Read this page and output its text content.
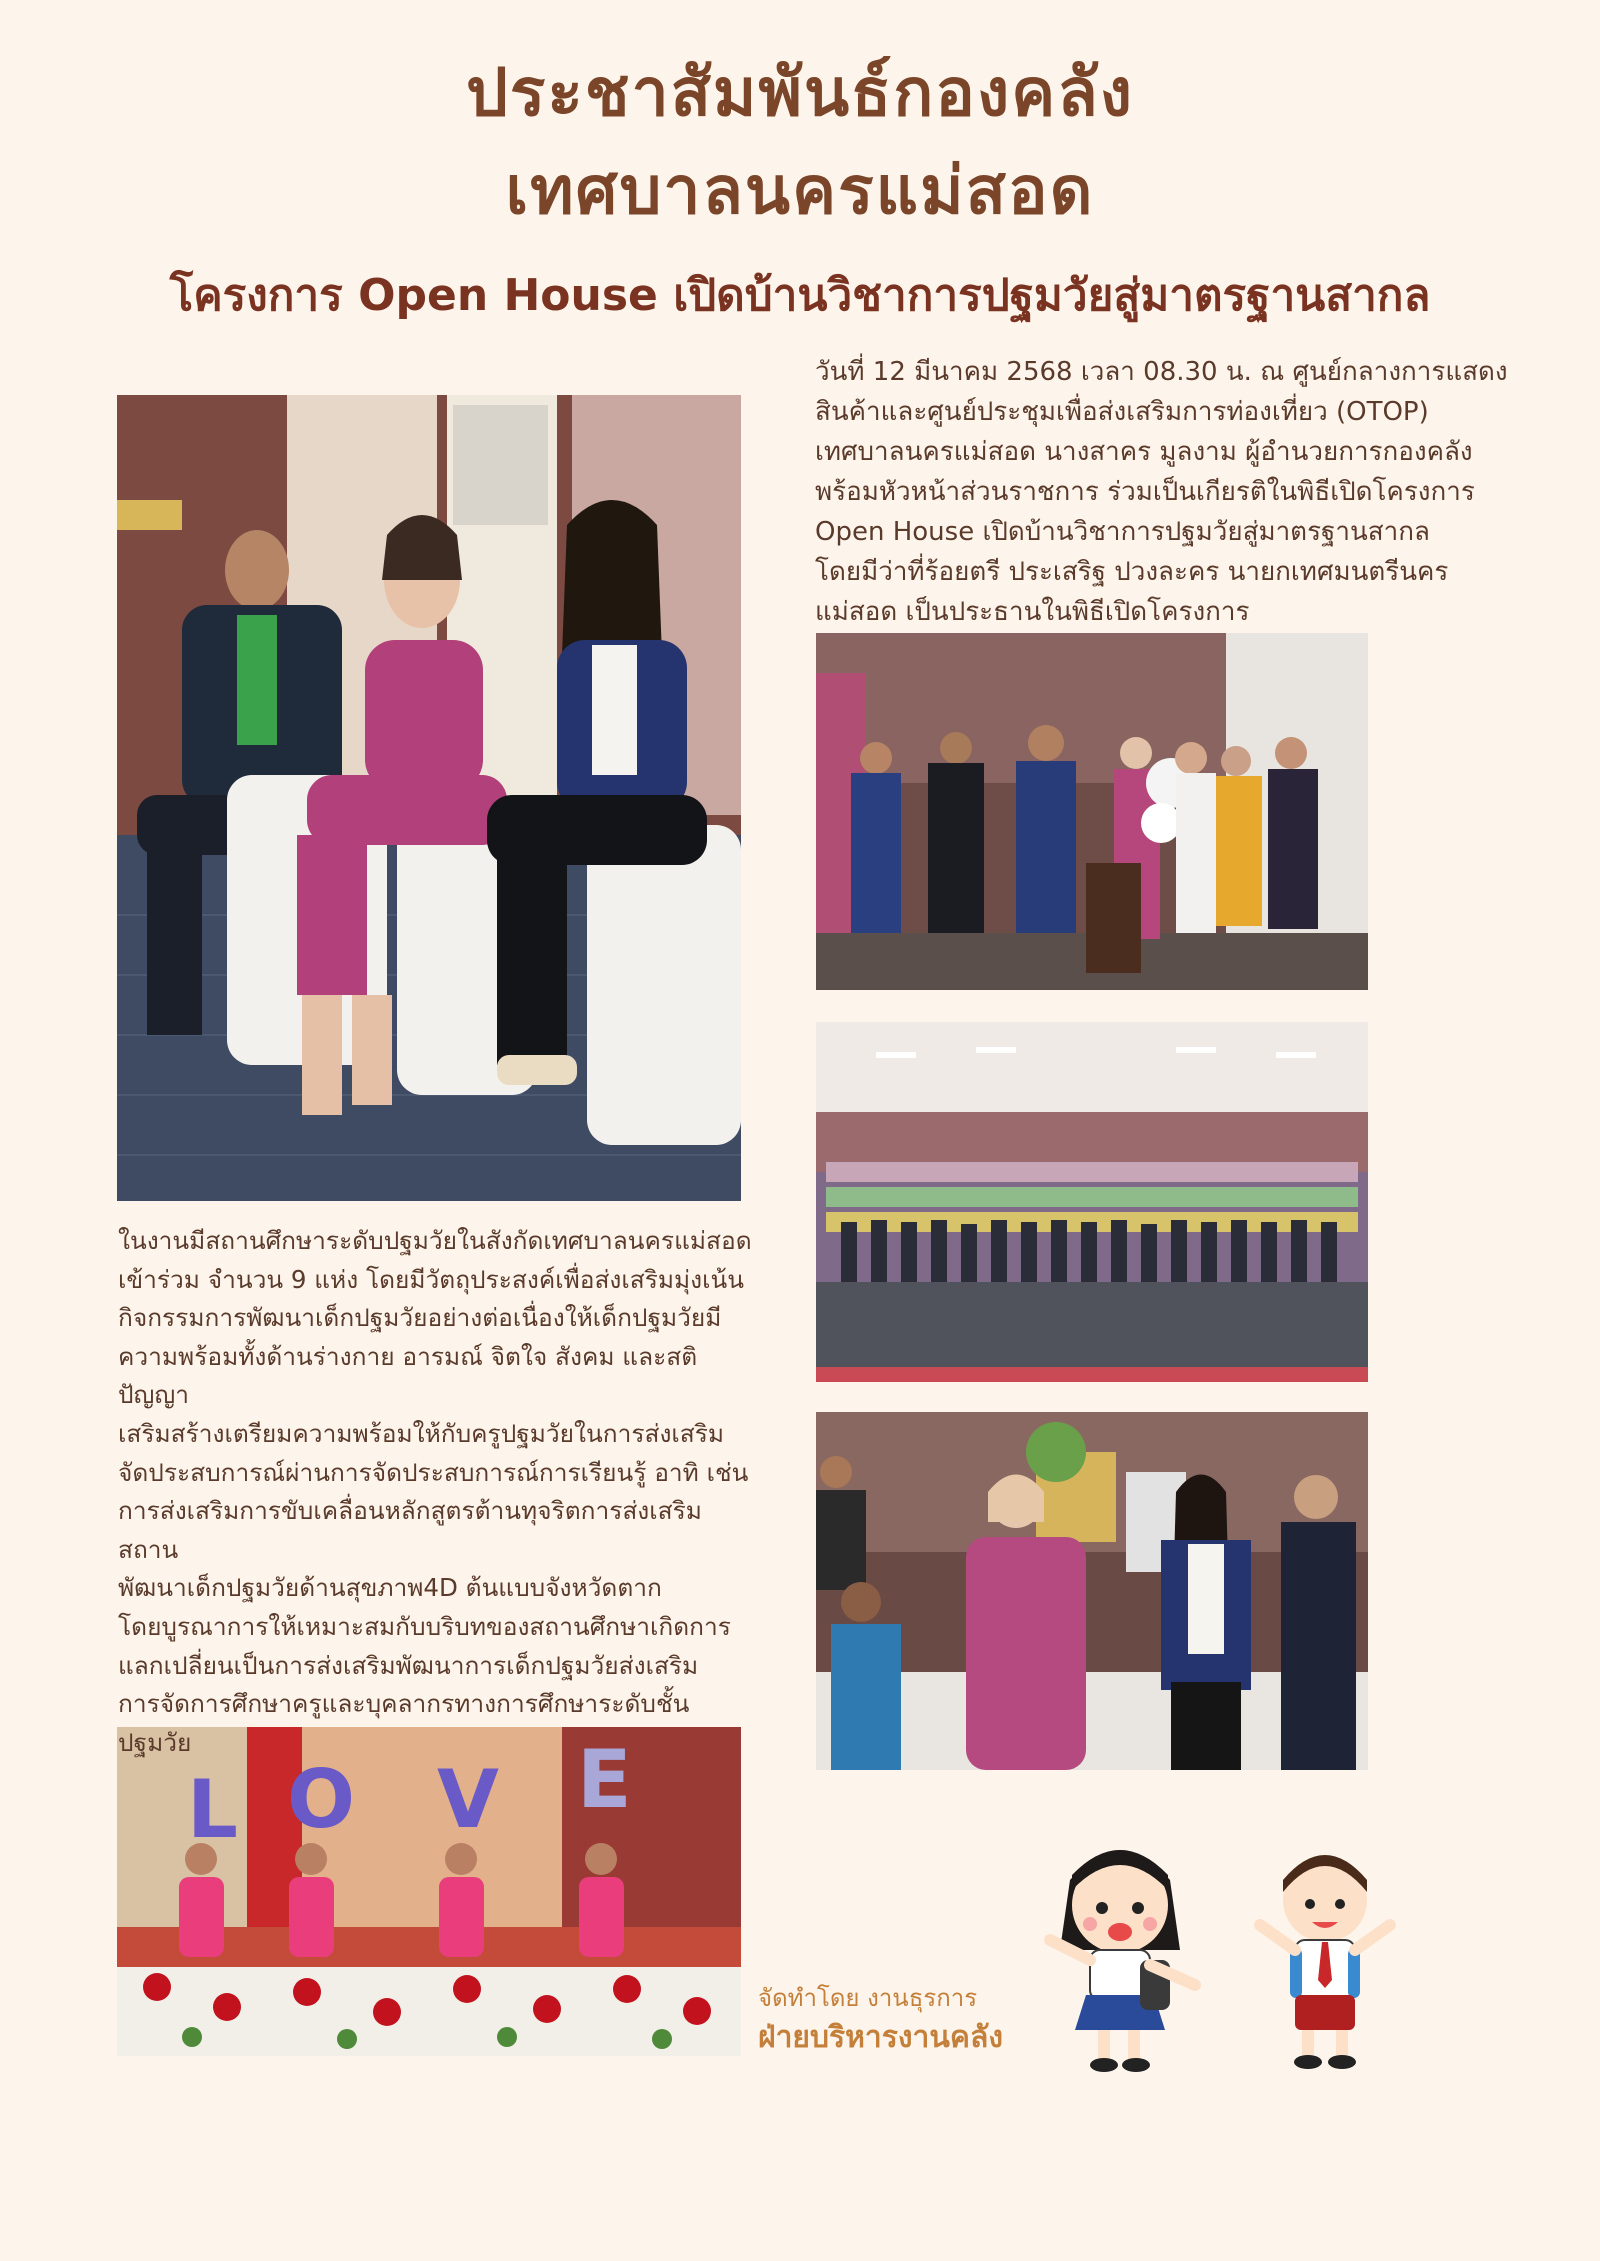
ประชาสัมพันธ์กองคลัง
เทศบาลนครแม่สอด
โครงการ Open House เปิดบ้านวิชาการปฐมวัยสู่มาตรฐานสากล
วันที่ 12 มีนาคม 2568 เวลา 08.30 น. ณ ศูนย์กลางการแสดง
สินค้าและศูนย์ประชุมเพื่อส่งเสริมการท่องเที่ยว (OTOP)
เทศบาลนครแม่สอด นางสาคร มูลงาม ผู้อำนวยการกองคลัง
พร้อมหัวหน้าส่วนราชการ ร่วมเป็นเกียรติในพิธีเปิดโครงการ
Open House เปิดบ้านวิชาการปฐมวัยสู่มาตรฐานสากล
โดยมีว่าที่ร้อยตรี ประเสริฐ ปวงละคร นายกเทศมนตรีนคร
แม่สอด เป็นประธานในพิธีเปิดโครงการ
L O V E
ในงานมีสถานศึกษาระดับปฐมวัยในสังกัดเทศบาลนครแม่สอด
เข้าร่วม จำนวน 9 แห่ง โดยมีวัตถุประสงค์เพื่อส่งเสริมมุ่งเน้น
กิจกรรมการพัฒนาเด็กปฐมวัยอย่างต่อเนื่องให้เด็กปฐมวัยมี
ความพร้อมทั้งด้านร่างกาย อารมณ์ จิตใจ สังคม และสติปัญญา
เสริมสร้างเตรียมความพร้อมให้กับครูปฐมวัยในการส่งเสริม
จัดประสบการณ์ผ่านการจัดประสบการณ์การเรียนรู้ อาทิ เช่น
การส่งเสริมการขับเคลื่อนหลักสูตรต้านทุจริตการส่งเสริมสถาน
พัฒนาเด็กปฐมวัยด้านสุขภาพ4D ต้นแบบจังหวัดตาก
โดยบูรณาการให้เหมาะสมกับบริบทของสถานศึกษาเกิดการ
แลกเปลี่ยนเป็นการส่งเสริมพัฒนาการเด็กปฐมวัยส่งเสริม
การจัดการศึกษาครูและบุคลากรทางการศึกษาระดับชั้นปฐมวัย
จัดทำโดย งานธุรการ
ฝ่ายบริหารงานคลัง
